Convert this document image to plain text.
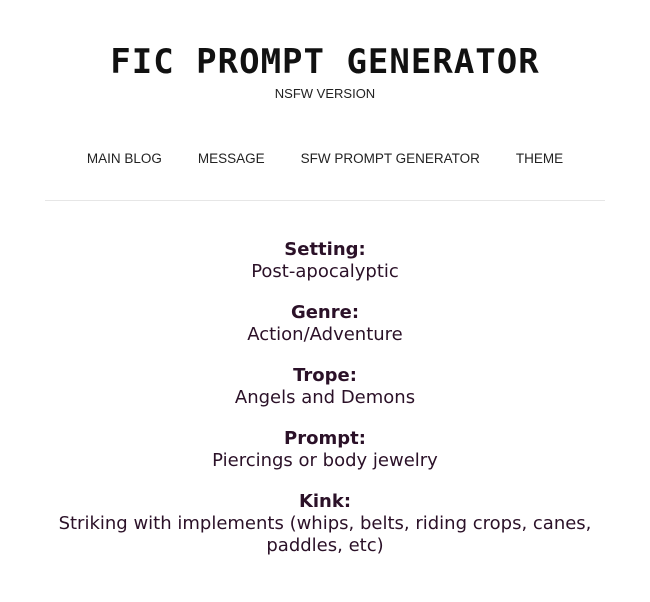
FIC PROMPT GENERATOR
NSFW VERSION
MAIN BLOG	MESSAGE	SFW PROMPT GENERATOR	THEME
Setting:
Post-apocalyptic
Genre:
Action/Adventure
Trope:
Angels and Demons
Prompt:
Piercings or body jewelry
Kink:
Striking with implements (whips, belts, riding crops, canes, paddles, etc)
